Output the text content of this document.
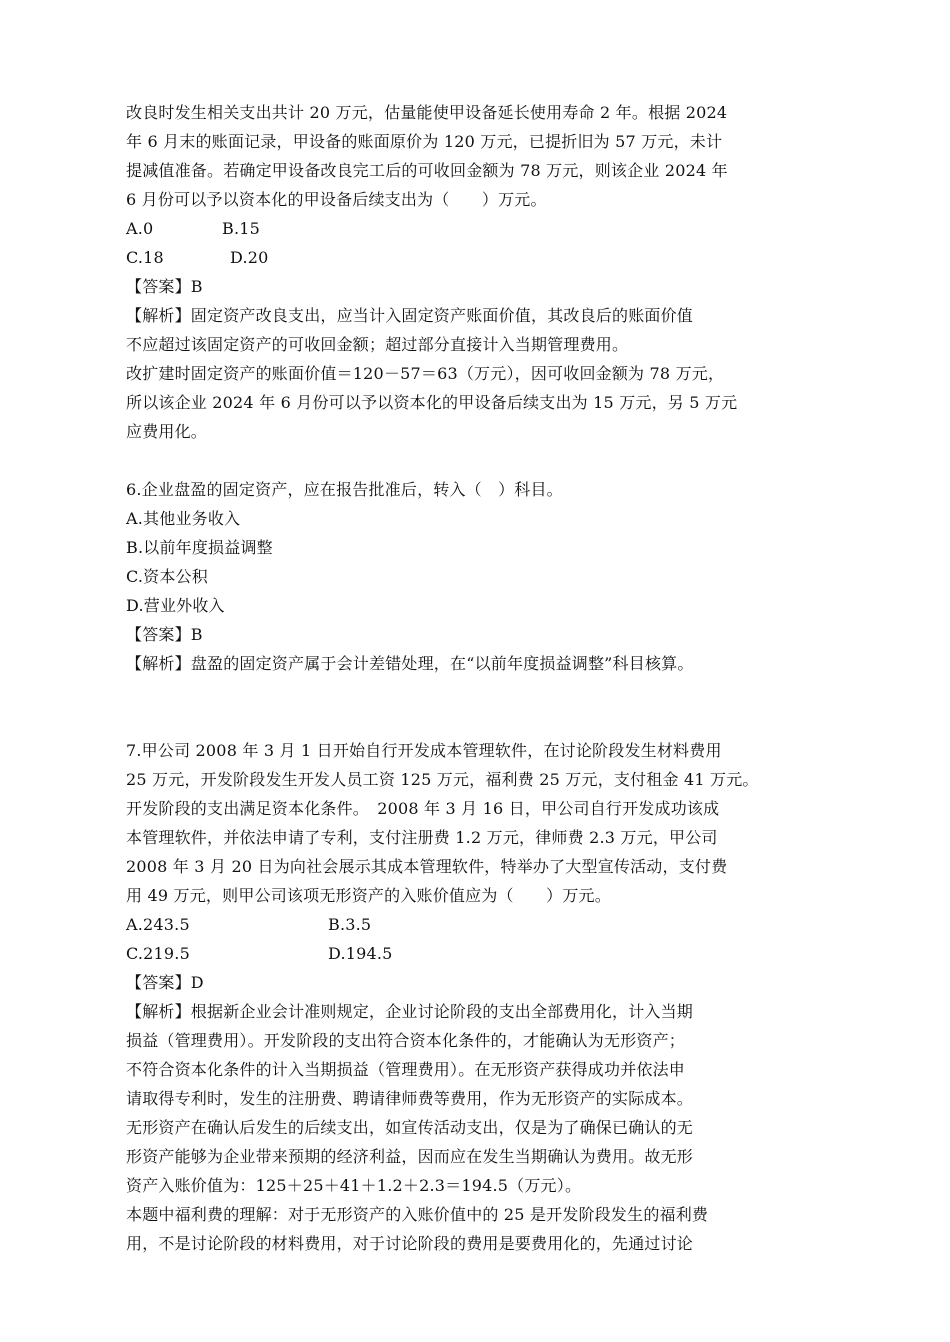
改良时发生相关支出共计 20 万元，估量能使甲设备延长使用寿命 2 年。根据 2024
年 6 月末的账面记录，甲设备的账面原价为 120 万元，已提折旧为 57 万元，未计
提减值准备。若确定甲设备改良完工后的可收回金额为 78 万元，则该企业 2024 年
6 月份可以予以资本化的甲设备后续支出为（　　）万元。
A.0	B.15
C.18	D.20
【答案】B
【解析】固定资产改良支出，应当计入固定资产账面价值，其改良后的账面价值
不应超过该固定资产的可收回金额；超过部分直接计入当期管理费用。
改扩建时固定资产的账面价值＝120－57＝63（万元），因可收回金额为 78 万元，
所以该企业 2024 年 6 月份可以予以资本化的甲设备后续支出为 15 万元，另 5 万元
应费用化。
6.企业盘盈的固定资产，应在报告批准后，转入（　）科目。
A.其他业务收入
B.以前年度损益调整
C.资本公积
D.营业外收入
【答案】B
【解析】盘盈的固定资产属于会计差错处理，在“以前年度损益调整”科目核算。
7.甲公司 2008 年 3 月 1 日开始自行开发成本管理软件，在讨论阶段发生材料费用
25 万元，开发阶段发生开发人员工资 125 万元，福利费 25 万元，支付租金 41 万元。
开发阶段的支出满足资本化条件。　2008 年 3 月 16 日，甲公司自行开发成功该成
本管理软件，并依法申请了专利，支付注册费 1.2 万元，律师费 2.3 万元，甲公司
2008 年 3 月 20 日为向社会展示其成本管理软件，特举办了大型宣传活动，支付费
用 49 万元，则甲公司该项无形资产的入账价值应为（　　）万元。
A.243.5	B.3.5
C.219.5	D.194.5
【答案】D
【解析】根据新企业会计准则规定，企业讨论阶段的支出全部费用化，计入当期
损益（管理费用）。开发阶段的支出符合资本化条件的，才能确认为无形资产；
不符合资本化条件的计入当期损益（管理费用）。在无形资产获得成功并依法申
请取得专利时，发生的注册费、聘请律师费等费用，作为无形资产的实际成本。
无形资产在确认后发生的后续支出，如宣传活动支出，仅是为了确保已确认的无
形资产能够为企业带来预期的经济利益，因而应在发生当期确认为费用。故无形
资产入账价值为：125＋25＋41＋1.2＋2.3＝194.5（万元）。
本题中福利费的理解：对于无形资产的入账价值中的 25 是开发阶段发生的福利费
用，不是讨论阶段的材料费用，对于讨论阶段的费用是要费用化的，先通过讨论
